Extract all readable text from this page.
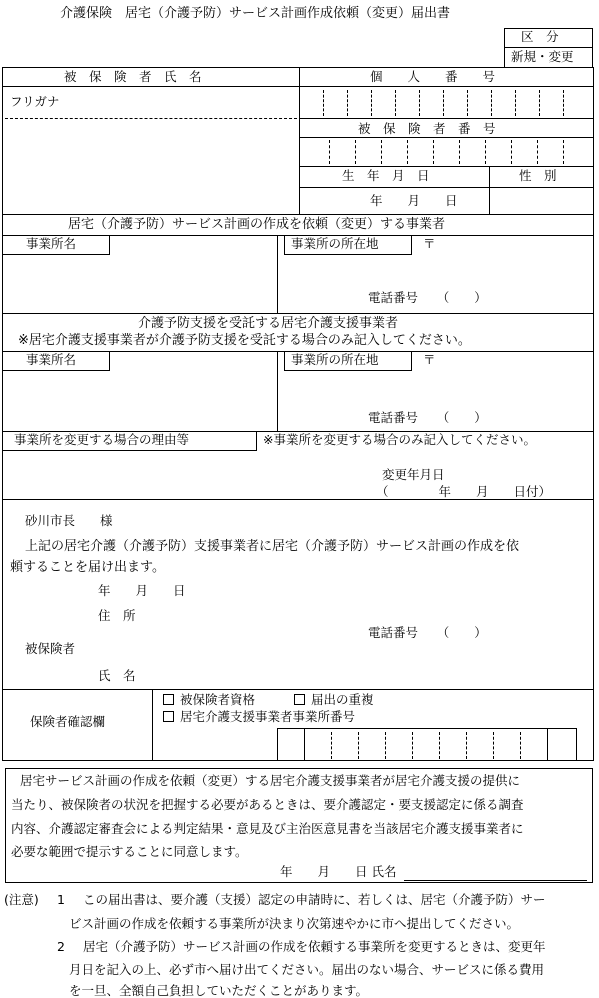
介護保険　居宅（介護予防）サービス計画作成依頼（変更）届出書
区　分
新規・変更
被　保　険　者　氏　名	個　　人　　番　　号
フリガナ
被　保　険　者　番　号
生　年　月　日	性　別
年　　月　　日
居宅（介護予防）サービス計画の作成を依頼（変更）する事業者
事業所名	事業所の所在地	〒
電話番号　　（　　）
介護予防支援を受託する居宅介護支援事業者
※居宅介護支援事業者が介護予防支援を受託する場合のみ記入してください。
事業所名	事業所の所在地	〒
電話番号　　（　　）
事業所を変更する場合の理由等	※事業所を変更する場合のみ記入してください。
変更年月日
（　　　　年　　月　　日付）
砂川市長　　様
上記の居宅介護（介護予防）支援事業者に居宅（介護予防）サービス計画の作成を依
頼することを届け出ます。
年　　月　　日
住　所
電話番号　　（　　）
被保険者
氏　名
保険者確認欄
被保険者資格	届出の重複
居宅介護支援事業者事業所番号
居宅サービス計画の作成を依頼（変更）する居宅介護支援事業者が居宅介護支援の提供に
当たり、被保険者の状況を把握する必要があるときは、要介護認定・要支援認定に係る調査
内容、介護認定審査会による判定結果・意見及び主治医意見書を当該居宅介護支援事業者に
必要な範囲で提示することに同意します。
年　　月　　日 氏名
(注意) 1 この届出書は、要介護（支援）認定の申請時に、若しくは、居宅（介護予防）サー
ビス計画の作成を依頼する事業所が決まり次第速やかに市へ提出してください。
2 居宅（介護予防）サービス計画の作成を依頼する事業所を変更するときは、変更年
月日を記入の上、必ず市へ届け出てください。届出のない場合、サービスに係る費用
を一旦、全額自己負担していただくことがあります。
